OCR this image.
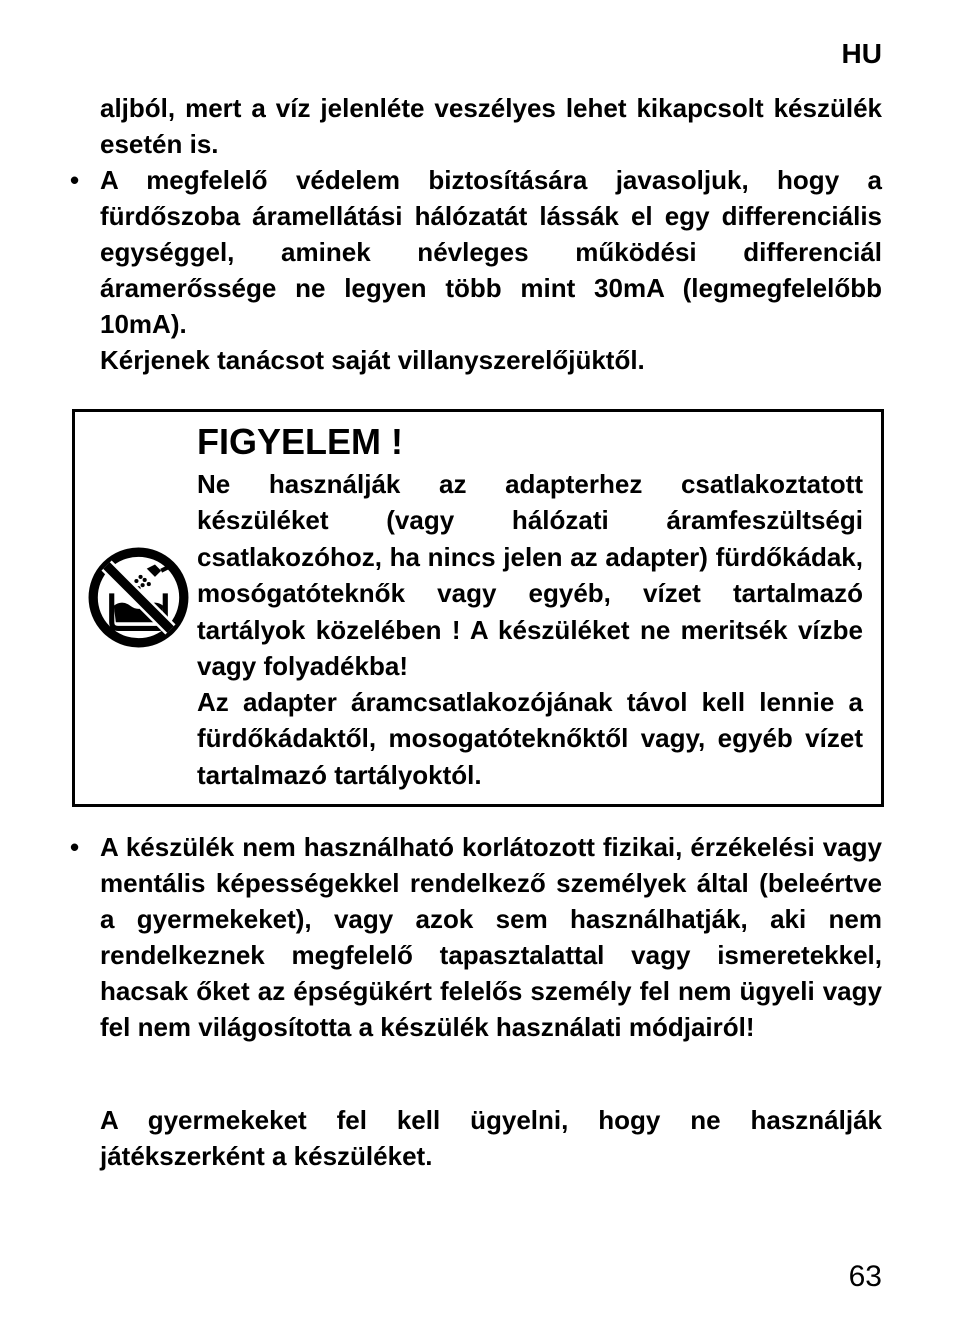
HU

aljból, mert a víz jelenléte veszélyes lehet kikapcsolt készülék esetén is.

• A megfelelő védelem biztosítására javasoljuk, hogy a fürdőszoba áramellátási hálózatát lássák el egy differenciális egységgel, aminek névleges működési differenciál áramerőssége ne legyen több mint 30mA (legmegfelelőbb 10mA).

Kérjenek tanácsot saját villanyszerelőjüktől.

FIGYELEM !

Ne használják az adapterhez csatlakoztatott készüléket (vagy hálózati áramfeszültségi csatlakozóhoz, ha nincs jelen az adapter) fürdőkádak, mosógatóteknők vagy egyéb, vízet tartalmazó tartályok közelében ! A készüléket ne meritsék vízbe vagy folyadékba!

Az adapter áramcsatlakozójának távol kell lennie a fürdőkádaktől, mosogatóteknőktől vagy, egyéb vízet tartalmazó tartályoktól.

• A készülék nem használható korlátozott fizikai, érzékelési vagy mentális képességekkel rendelkező személyek által (beleértve a gyermekeket), vagy azok sem használhatják, aki nem rendelkeznek megfelelő tapasztalattal vagy ismeretekkel, hacsak őket az épségükért felelős személy fel nem ügyeli vagy fel nem világosította a készülék használati módjairól!

A gyermekeket fel kell ügyelni, hogy ne használják játékszerként a készüléket.

63
